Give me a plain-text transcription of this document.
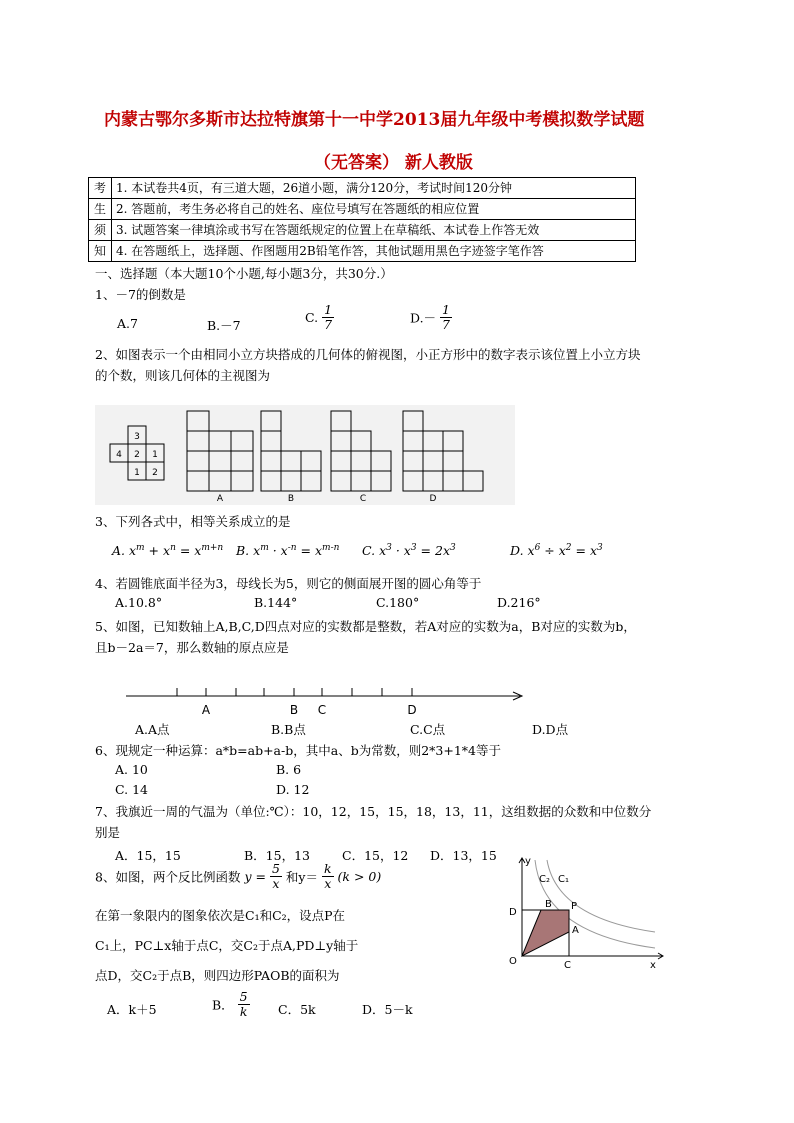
内蒙古鄂尔多斯市达拉特旗第十一中学2013届九年级中考模拟数学试题
（无答案） 新人教版
考	1. 本试卷共4页，有三道大题，26道小题，满分120分，考试时间120分钟
生	2. 答题前，考生务必将自己的姓名、座位号填写在答题纸的相应位置
须	3. 试题答案一律填涂或书写在答题纸规定的位置上在草稿纸、本试卷上作答无效
知	4. 在答题纸上，选择题、作图题用2B铅笔作答，其他试题用黑色字迹签字笔作答
一、选择题（本大题10个小题,每小题3分，共30分.）
1、－7的倒数是
A.7	B.－7
C. $\frac{1}{7}$	$D.- \frac{1}{7}$
2、如图表示一个由相同小立方块搭成的几何体的俯视图，小正方形中的数字表示该位置上小立方块
的个数，则该几何体的主视图为
3
4 2 1
1 2
A	B	C	D
3、下列各式中，相等关系成立的是
A. $x^m + x^n = x^{m+n}$ B. $x^m \cdot x^{-n} = x^{m-n}$ C. $x^3 \cdot x^3 = 2x^3$	D. $x^6 \div x^2 = x^3$
4、若圆锥底面半径为3，母线长为5，则它的侧面展开图的圆心角等于
A.10.8°	B.144°	C.180°	D.216°
5、如图，已知数轴上A,B,C,D四点对应的实数都是整数，若A对应的实数为a，B对应的实数为b，
且b－2a＝7，那么数轴的原点应是
A	B C	D
A.A点	B.B点	C.C点	D.D点
6、现规定一种运算：a*b=ab+a-b，其中a、b为常数，则2*3+1*4等于
A. 10	B. 6
C. 14	D. 12
7、我旗近一周的气温为（单位:℃）：10，12，15，15，18，13，11，这组数据的众数和中位数分
别是
A．15，15	B．15，13	C．15，12 D．13，15
8、如图，两个反比例函数 $y = \frac{5}{x}$ 和$y= \frac{k}{x} (k > 0)$
在第一象限内的图象依次是C₁和C₂，设点P在
C₁上，PC⊥x轴于点C，交C₂于点A,PD⊥y轴于
点D，交C₂于点B，则四边形PAOB的面积为
A．k＋5	B． $\frac{5}{k}$ C．5k	D．5－k
y
x
O	C
D
A
B P
C₁
C₂
